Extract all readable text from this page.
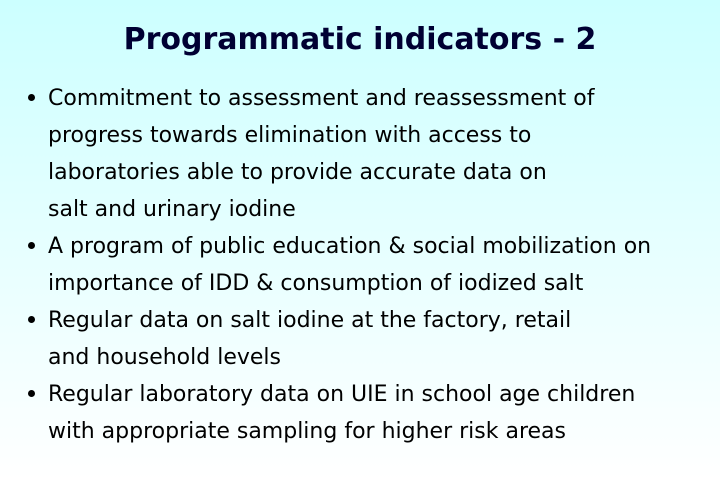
Programmatic indicators - 2
Commitment to assessment and reassessment of
progress towards elimination with access to
laboratories able to provide accurate data on
salt and urinary iodine
A program of public education & social mobilization on
importance of IDD & consumption of iodized salt
Regular data on salt iodine at the factory, retail
and household levels
Regular laboratory data on UIE in school age children
with appropriate sampling for higher risk areas
